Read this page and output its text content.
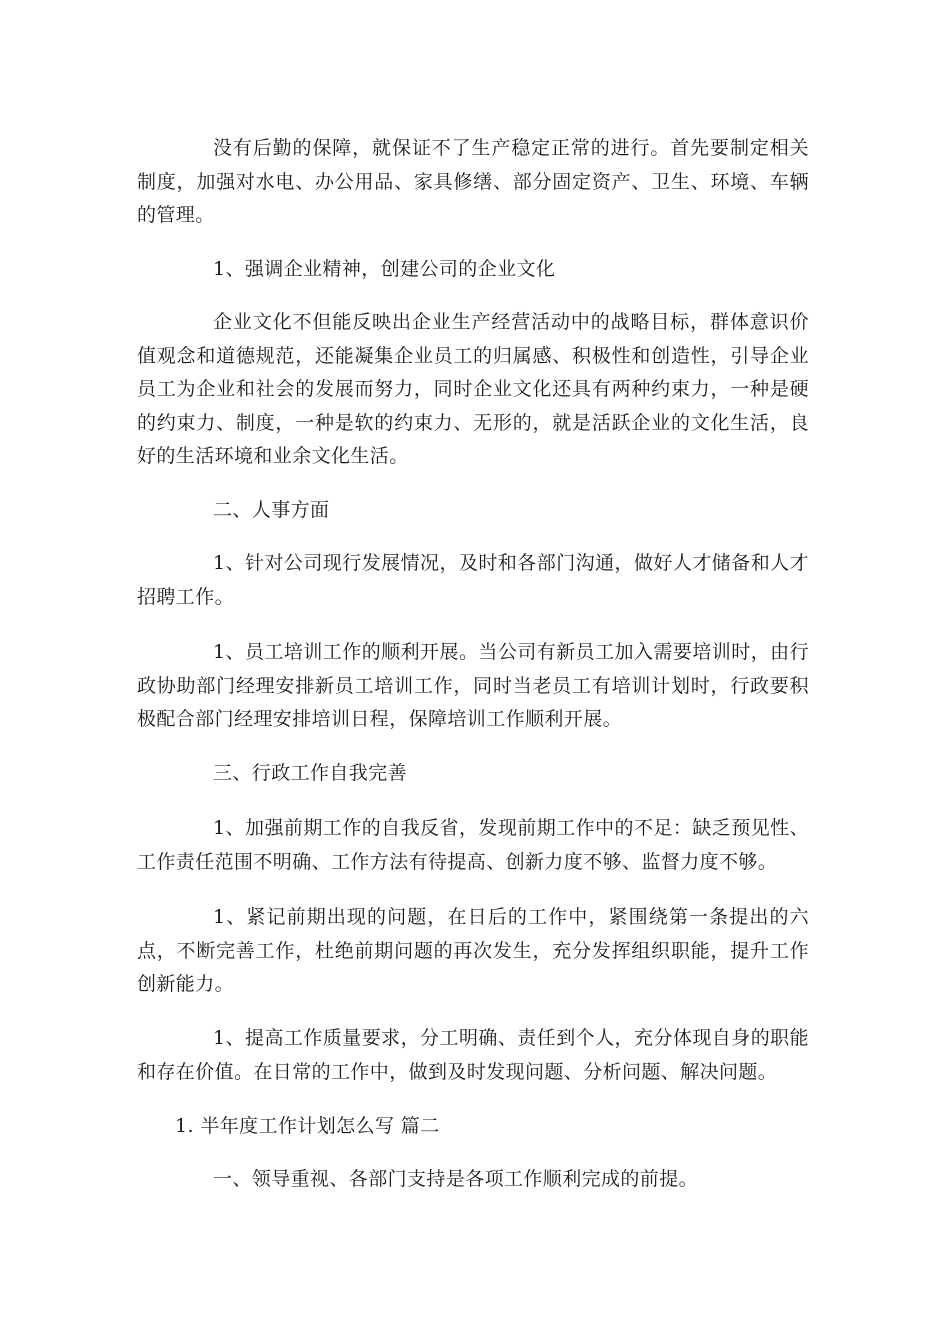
没有后勤的保障，就保证不了生产稳定正常的进行。首先要制定相关制度，加强对水电、办公用品、家具修缮、部分固定资产、卫生、环境、车辆的管理。

1、强调企业精神，创建公司的企业文化

企业文化不但能反映出企业生产经营活动中的战略目标，群体意识价值观念和道德规范，还能凝集企业员工的归属感、积极性和创造性，引导企业员工为企业和社会的发展而努力，同时企业文化还具有两种约束力，一种是硬的约束力、制度，一种是软的约束力、无形的，就是活跃企业的文化生活，良好的生活环境和业余文化生活。

二、人事方面

1、针对公司现行发展情况，及时和各部门沟通，做好人才储备和人才招聘工作。

1、员工培训工作的顺利开展。当公司有新员工加入需要培训时，由行政协助部门经理安排新员工培训工作，同时当老员工有培训计划时，行政要积极配合部门经理安排培训日程，保障培训工作顺利开展。

三、行政工作自我完善

1、加强前期工作的自我反省，发现前期工作中的不足：缺乏预见性、工作责任范围不明确、工作方法有待提高、创新力度不够、监督力度不够。

1、紧记前期出现的问题，在日后的工作中，紧围绕第一条提出的六点，不断完善工作，杜绝前期问题的再次发生，充分发挥组织职能，提升工作创新能力。

1、提高工作质量要求，分工明确、责任到个人，充分体现自身的职能和存在价值。在日常的工作中，做到及时发现问题、分析问题、解决问题。

1. 半年度工作计划怎么写 篇二

一、领导重视、各部门支持是各项工作顺利完成的前提。
